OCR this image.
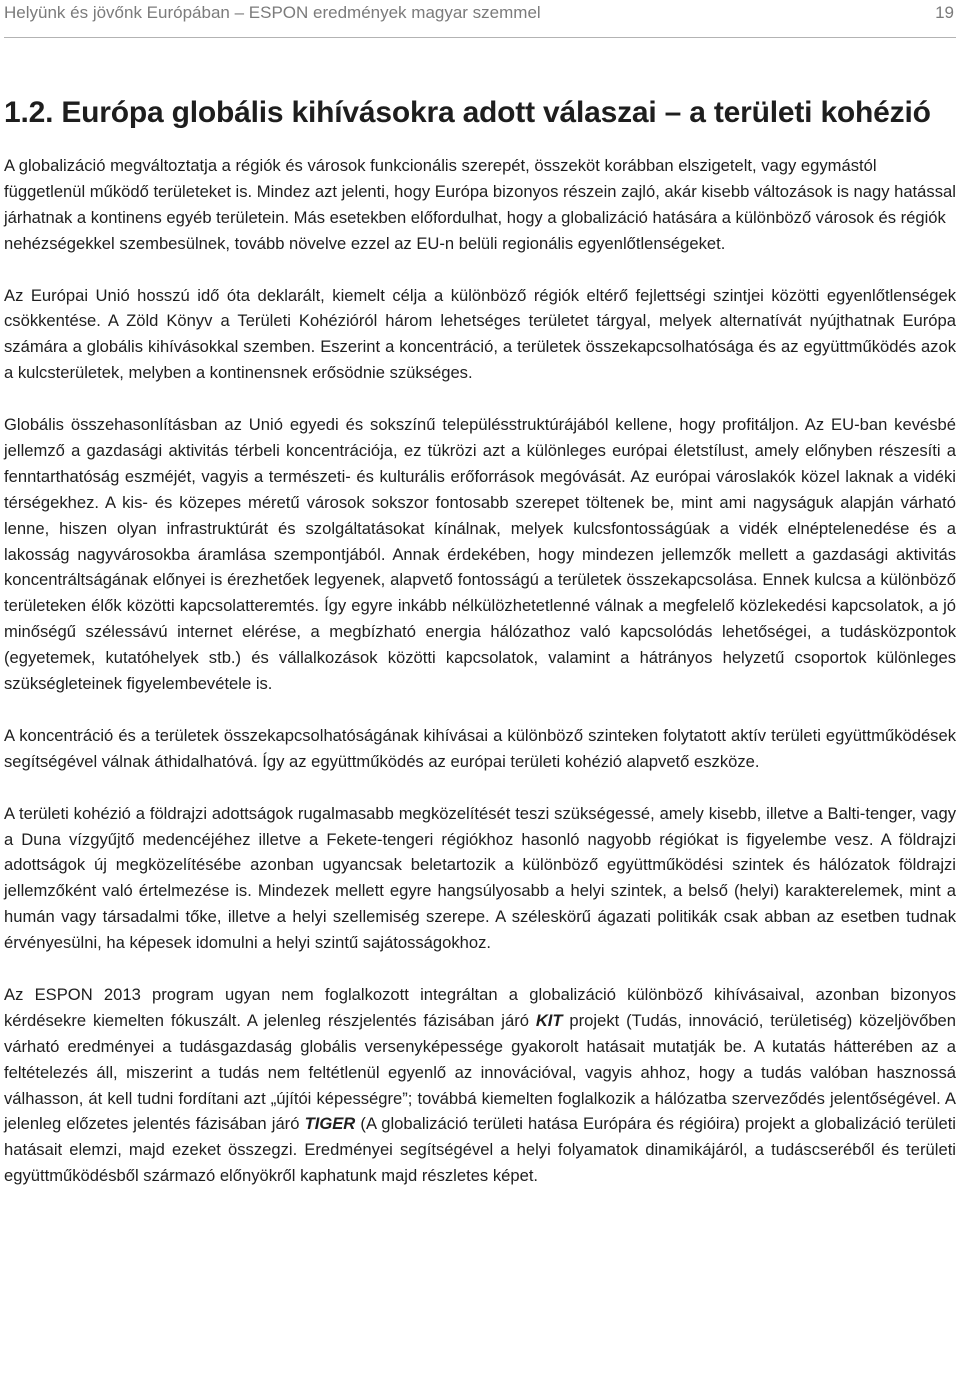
Helyünk és jövőnk Európában – ESPON eredmények magyar szemmel	19
1.2. Európa globális kihívásokra adott válaszai – a területi kohézió

A globalizáció megváltoztatja a régiók és városok funkcionális szerepét, összeköt korábban elszigetelt, vagy egymástól függetlenül működő területeket is. Mindez azt jelenti, hogy Európa bizonyos részein zajló, akár kisebb változások is nagy hatással járhatnak a kontinens egyéb területein. Más esetekben előfordulhat, hogy a globalizáció hatására a különböző városok és régiók nehézségekkel szembesülnek, tovább növelve ezzel az EU-n belüli regionális egyenlőtlenségeket.

Az Európai Unió hosszú idő óta deklarált, kiemelt célja a különböző régiók eltérő fejlettségi szintjei közötti egyenlőtlenségek csökkentése. A Zöld Könyv a Területi Kohézióról három lehetséges területet tárgyal, melyek alternatívát nyújthatnak Európa számára a globális kihívásokkal szemben. Eszerint a koncentráció, a területek összekapcsolhatósága és az együttműködés azok a kulcsterületek, melyben a kontinensnek erősödnie szükséges.

Globális összehasonlításban az Unió egyedi és sokszínű településstruktúrájából kellene, hogy profitáljon. Az EU-ban kevésbé jellemző a gazdasági aktivitás térbeli koncentrációja, ez tükrözi azt a különleges európai életstílust, amely előnyben részesíti a fenntarthatóság eszméjét, vagyis a természeti- és kulturális erőforrások megóvását. Az európai városlakók közel laknak a vidéki térségekhez. A kis- és közepes méretű városok sokszor fontosabb szerepet töltenek be, mint ami nagyságuk alapján várható lenne, hiszen olyan infrastruktúrát és szolgáltatásokat kínálnak, melyek kulcsfontosságúak a vidék elnéptelenedése és a lakosság nagyvárosokba áramlása szempontjából. Annak érdekében, hogy mindezen jellemzők mellett a gazdasági aktivitás koncentráltságának előnyei is érezhetőek legyenek, alapvető fontosságú a területek összekapcsolása. Ennek kulcsa a különböző területeken élők közötti kapcsolatteremtés. Így egyre inkább nélkülözhetetlenné válnak a megfelelő közlekedési kapcsolatok, a jó minőségű szélessávú internet elérése, a megbízható energia hálózathoz való kapcsolódás lehetőségei, a tudásközpontok (egyetemek, kutatóhelyek stb.) és vállalkozások közötti kapcsolatok, valamint a hátrányos helyzetű csoportok különleges szükségleteinek figyelembevétele is.

A koncentráció és a területek összekapcsolhatóságának kihívásai a különböző szinteken folytatott aktív területi együttműködések segítségével válnak áthidalhatóvá. Így az együttműködés az európai területi kohézió alapvető eszköze.

A területi kohézió a földrajzi adottságok rugalmasabb megközelítését teszi szükségessé, amely kisebb, illetve a Balti-tenger, vagy a Duna vízgyűjtő medencéjéhez illetve a Fekete-tengeri régiókhoz hasonló nagyobb régiókat is figyelembe vesz. A földrajzi adottságok új megközelítésébe azonban ugyancsak beletartozik a különböző együttműködési szintek és hálózatok földrajzi jellemzőként való értelmezése is. Mindezek mellett egyre hangsúlyosabb a helyi szintek, a belső (helyi) karakterelemek, mint a humán vagy társadalmi tőke, illetve a helyi szellemiség szerepe. A széleskörű ágazati politikák csak abban az esetben tudnak érvényesülni, ha képesek idomulni a helyi szintű sajátosságokhoz.

Az ESPON 2013 program ugyan nem foglalkozott integráltan a globalizáció különböző kihívásaival, azonban bizonyos kérdésekre kiemelten fókuszált. A jelenleg részjelentés fázisában járó KIT projekt (Tudás, innováció, területiség) közeljövőben várható eredményei a tudásgazdaság globális versenyképessége gyakorolt hatásait mutatják be. A kutatás hátterében az a feltételezés áll, miszerint a tudás nem feltétlenül egyenlő az innovációval, vagyis ahhoz, hogy a tudás valóban hasznossá válhasson, át kell tudni fordítani azt „újítói képességre”; továbbá kiemelten foglalkozik a hálózatba szerveződés jelentőségével. A jelenleg előzetes jelentés fázisában járó TIGER (A globalizáció területi hatása Európára és régióira) projekt a globalizáció területi hatásait elemzi, majd ezeket összegzi. Eredményei segítségével a helyi folyamatok dinamikájáról, a tudáscseréből és területi együttműködésből származó előnyökről kaphatunk majd részletes képet.
